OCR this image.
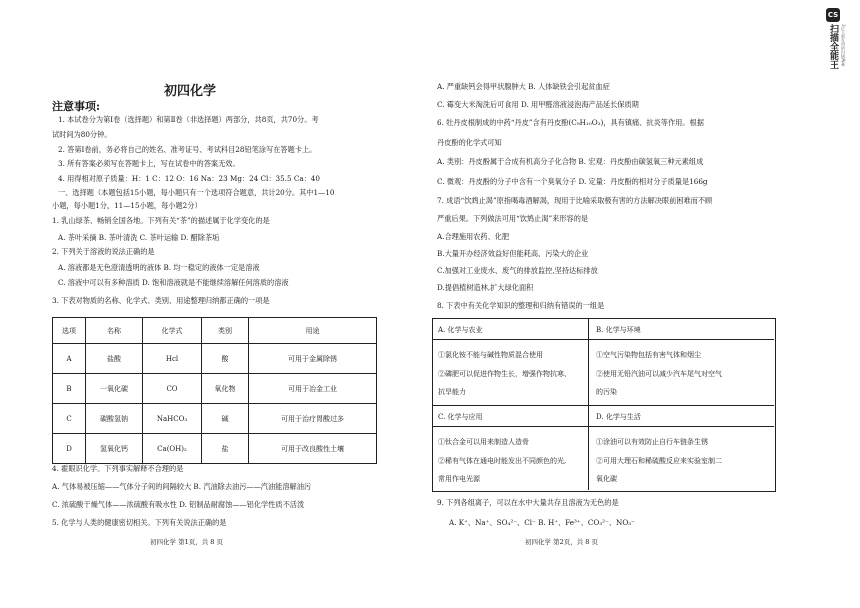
CS
扫描全能王 3亿人都在用的扫描App
初四化学
注意事项:
1. 本试卷分为第Ⅰ卷（选择题）和第Ⅱ卷（非选择题）两部分，共8页，共70分。考
试时间为80分钟。
2. 答第Ⅰ卷前，务必将自己的姓名、准考证号、考试科目28铅笔涂写在答题卡上。
3. 所有答案必须写在答题卡上，写在试卷中的答案无效。
4. 用得相对原子质量：H：1 C：12 O：16 Na：23 Mg：24 Cl：35.5 Ca：40
一、选择题（本题包括15小题，每小题只有一个选项符合题意，共计20分。其中1—10
小题，每小题1分，11—15小题，每小题2分）
1. 乳山绿茶、畅销全国各地。下列有关“茶”的描述属于化学变化的是
A. 茶叶采摘 B. 茶叶清洗 C. 茶叶运输 D. 醋除茶垢
2. 下列关于溶液的说法正确的是
A. 溶液都是无色澄清透明的液体 B. 均一稳定的液体一定是溶液
C. 溶液中可以有多种溶质 D. 饱和溶液就是不能继续溶解任何溶质的溶液
3. 下表对物质的名称、化学式、类别、用途整理归纳都正确的一项是
选项	名称	化学式	类别	用途
A	盐酸	Hcl	酸	可用于金属除锈
B	一氧化碳	CO	氧化物	可用于冶金工业
C	碳酸氢钠	NaHCO₃	碱	可用于治疗胃酸过多
D	氢氧化钙	Ca(OH)₂	盐	可用于改良酸性土壤
4. 霍眼识化学。下列事实解释不合理的是
A. 气体易被压缩——气体分子间的间隔较大 B. 汽油除去油污——汽油能溶解油污
C. 浓硫酸干燥气体——浓硫酸有吸水性 D. 铝制品耐腐蚀——铝化学性质不活泼
5. 化学与人类的健康密切相关。下列有关说法正确的是
初四化学 第1页，共 8 页
A. 严重缺钙会得甲状腺肿大 B. 人体缺铁会引起贫血症
C. 霉变大米淘洗后可食用 D. 用甲醛溶液浸泡海产品延长保质期
6. 牡丹皮根制成的中药“丹皮”含有丹皮酚(C₉H₁₀O₃)，具有镇痛、抗炎等作用。根据
丹皮酚的化学式可知
A. 类别：丹皮酚属于合成有机高分子化合物 B. 宏观：丹皮酚由碳氢氧三种元素组成
C. 微观：丹皮酚的分子中含有一个臭氧分子 D. 定量：丹皮酚的相对分子质量是166g
7. 成语“饮鸩止渴”原指喝毒酒解渴，现用于比喻采取极有害的方法解决眼前困难而不顾
严重后果。下列做法可用“饮鸩止渴”来形容的是
A.合理施用农药、化肥
B.大量开办经济效益好但能耗高、污染大的企业
C.加强对工业废水、废气的排放监控,坚持达标排放
D.提倡植树造林,扩大绿化面积
8. 下表中有关化学知识的整理和归纳有错误的一组是
A. 化学与农业
①氯化铵不能与碱性物质混合使用
②磷肥可以促进作物生长，增强作物抗寒、
抗旱能力
B. 化学与环境
①空气污染物包括有害气体和烟尘
②使用无铅汽油可以减少汽车尾气对空气
的污染
C. 化学与应用
①钛合金可以用来制造人造骨
②稀有气体在通电时能发出不同颜色的光,
常用作电光源
D. 化学与生活
①涂油可以有效防止自行车链条生锈
②可用大理石和稀硫酸反应来实验室制二
氧化碳
9. 下列各组离子，可以在水中大量共存且溶液为无色的是
A. K⁺、Na⁺、SO₄²⁻、Cl⁻ B. H⁺、Fe³⁺、CO₃²⁻、NO₃⁻
初四化学 第2页，共 8 页
